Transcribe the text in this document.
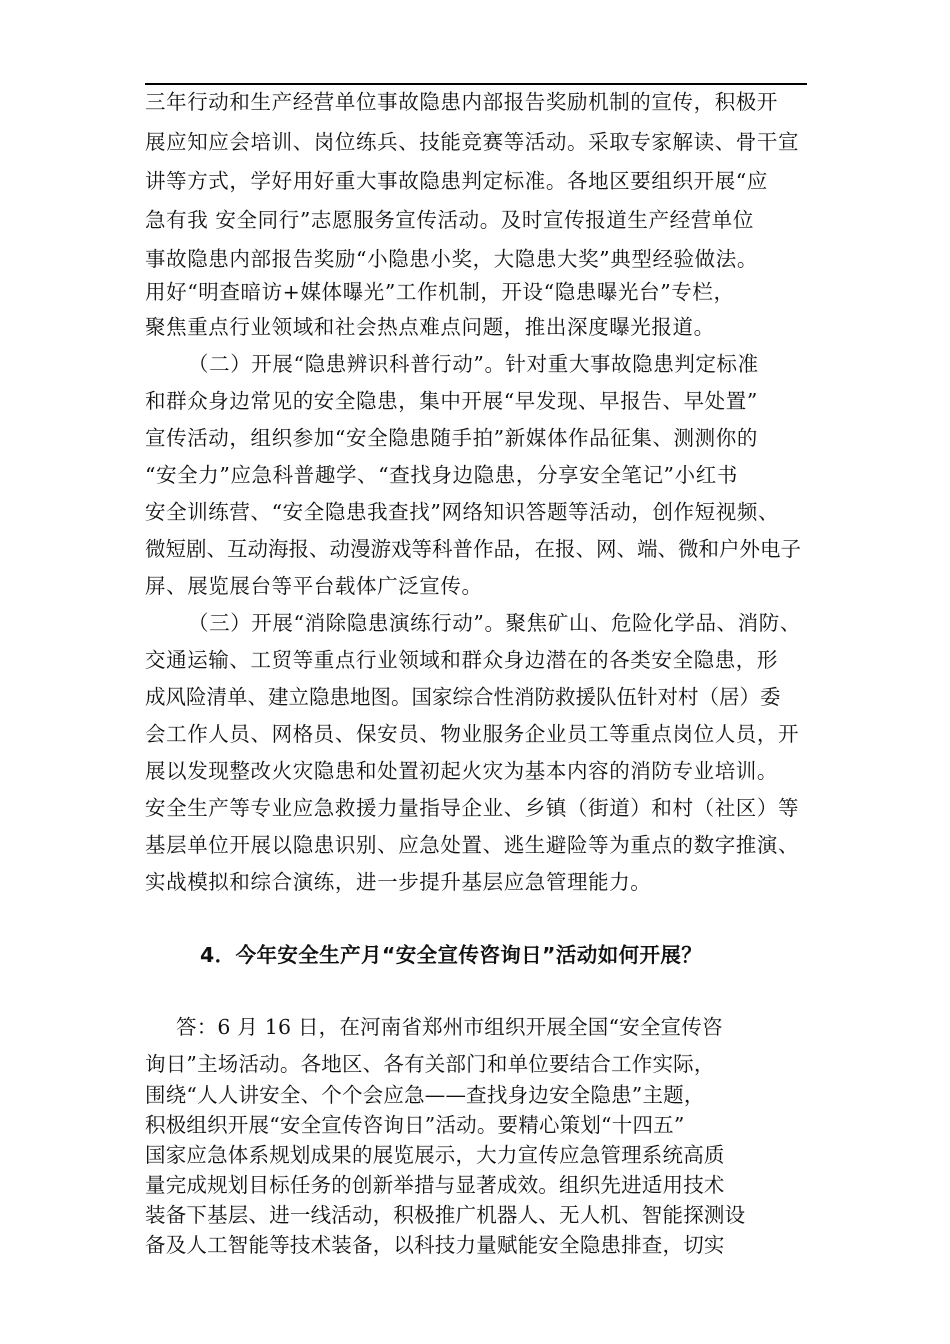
三年行动和生产经营单位事故隐患内部报告奖励机制的宣传，积极开
展应知应会培训、岗位练兵、技能竞赛等活动。采取专家解读、骨干宣
讲等方式，学好用好重大事故隐患判定标准。各地区要组织开展“应
急有我 安全同行”志愿服务宣传活动。及时宣传报道生产经营单位
事故隐患内部报告奖励“小隐患小奖，大隐患大奖”典型经验做法。
用好“明查暗访+媒体曝光”工作机制，开设“隐患曝光台”专栏，
聚焦重点行业领域和社会热点难点问题，推出深度曝光报道。
（二）开展“隐患辨识科普行动”。针对重大事故隐患判定标准
和群众身边常见的安全隐患，集中开展“早发现、早报告、早处置”
宣传活动，组织参加“安全隐患随手拍”新媒体作品征集、测测你的
“安全力”应急科普趣学、“查找身边隐患，分享安全笔记”小红书
安全训练营、“安全隐患我查找”网络知识答题等活动，创作短视频、
微短剧、互动海报、动漫游戏等科普作品，在报、网、端、微和户外电子
屏、展览展台等平台载体广泛宣传。
（三）开展“消除隐患演练行动”。聚焦矿山、危险化学品、消防、
交通运输、工贸等重点行业领域和群众身边潜在的各类安全隐患，形
成风险清单、建立隐患地图。国家综合性消防救援队伍针对村（居）委
会工作人员、网格员、保安员、物业服务企业员工等重点岗位人员，开
展以发现整改火灾隐患和处置初起火灾为基本内容的消防专业培训。
安全生产等专业应急救援力量指导企业、乡镇（街道）和村（社区）等
基层单位开展以隐患识别、应急处置、逃生避险等为重点的数字推演、
实战模拟和综合演练，进一步提升基层应急管理能力。
4．今年安全生产月“安全宣传咨询日”活动如何开展？
答：6 月 16 日，在河南省郑州市组织开展全国“安全宣传咨
询日”主场活动。各地区、各有关部门和单位要结合工作实际，
围绕“人人讲安全、个个会应急——查找身边安全隐患”主题，
积极组织开展“安全宣传咨询日”活动。要精心策划“十四五”
国家应急体系规划成果的展览展示，大力宣传应急管理系统高质
量完成规划目标任务的创新举措与显著成效。组织先进适用技术
装备下基层、进一线活动，积极推广机器人、无人机、智能探测设
备及人工智能等技术装备，以科技力量赋能安全隐患排查，切实
